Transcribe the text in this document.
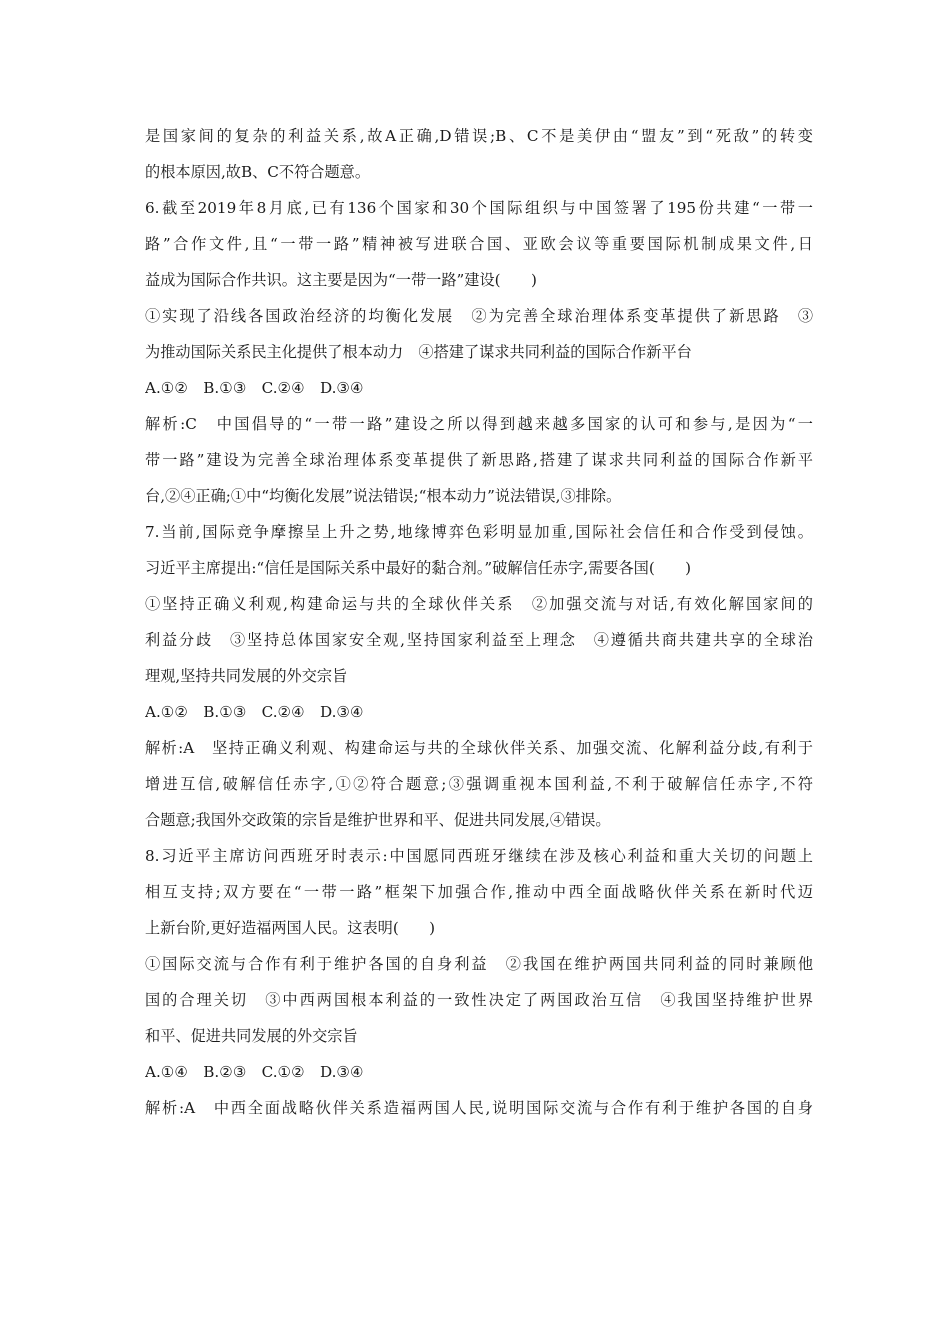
是国家间的复杂的利益关系,故A正确,D错误;B、C不是美伊由“盟友”到“死敌”的转变
的根本原因,故B、C不符合题意。
6.截至2019年8月底,已有136个国家和30个国际组织与中国签署了195份共建“一带一
路”合作文件,且“一带一路”精神被写进联合国、亚欧会议等重要国际机制成果文件,日
益成为国际合作共识。这主要是因为“一带一路”建设(　　)
①实现了沿线各国政治经济的均衡化发展　②为完善全球治理体系变革提供了新思路　③
为推动国际关系民主化提供了根本动力　④搭建了谋求共同利益的国际合作新平台
A.①②　B.①③　C.②④　D.③④
解析:C　中国倡导的“一带一路”建设之所以得到越来越多国家的认可和参与,是因为“一
带一路”建设为完善全球治理体系变革提供了新思路,搭建了谋求共同利益的国际合作新平
台,②④正确;①中“均衡化发展”说法错误;“根本动力”说法错误,③排除。
7.当前,国际竞争摩擦呈上升之势,地缘博弈色彩明显加重,国际社会信任和合作受到侵蚀。
习近平主席提出:“信任是国际关系中最好的黏合剂。”破解信任赤字,需要各国(　　)
①坚持正确义利观,构建命运与共的全球伙伴关系　②加强交流与对话,有效化解国家间的
利益分歧　③坚持总体国家安全观,坚持国家利益至上理念　④遵循共商共建共享的全球治
理观,坚持共同发展的外交宗旨
A.①②　B.①③　C.②④　D.③④
解析:A　坚持正确义利观、构建命运与共的全球伙伴关系、加强交流、化解利益分歧,有利于
增进互信,破解信任赤字,①②符合题意;③强调重视本国利益,不利于破解信任赤字,不符
合题意;我国外交政策的宗旨是维护世界和平、促进共同发展,④错误。
8.习近平主席访问西班牙时表示:中国愿同西班牙继续在涉及核心利益和重大关切的问题上
相互支持;双方要在“一带一路”框架下加强合作,推动中西全面战略伙伴关系在新时代迈
上新台阶,更好造福两国人民。这表明(　　)
①国际交流与合作有利于维护各国的自身利益　②我国在维护两国共同利益的同时兼顾他
国的合理关切　③中西两国根本利益的一致性决定了两国政治互信　④我国坚持维护世界
和平、促进共同发展的外交宗旨
A.①④　B.②③　C.①②　D.③④
解析:A　中西全面战略伙伴关系造福两国人民,说明国际交流与合作有利于维护各国的自身
